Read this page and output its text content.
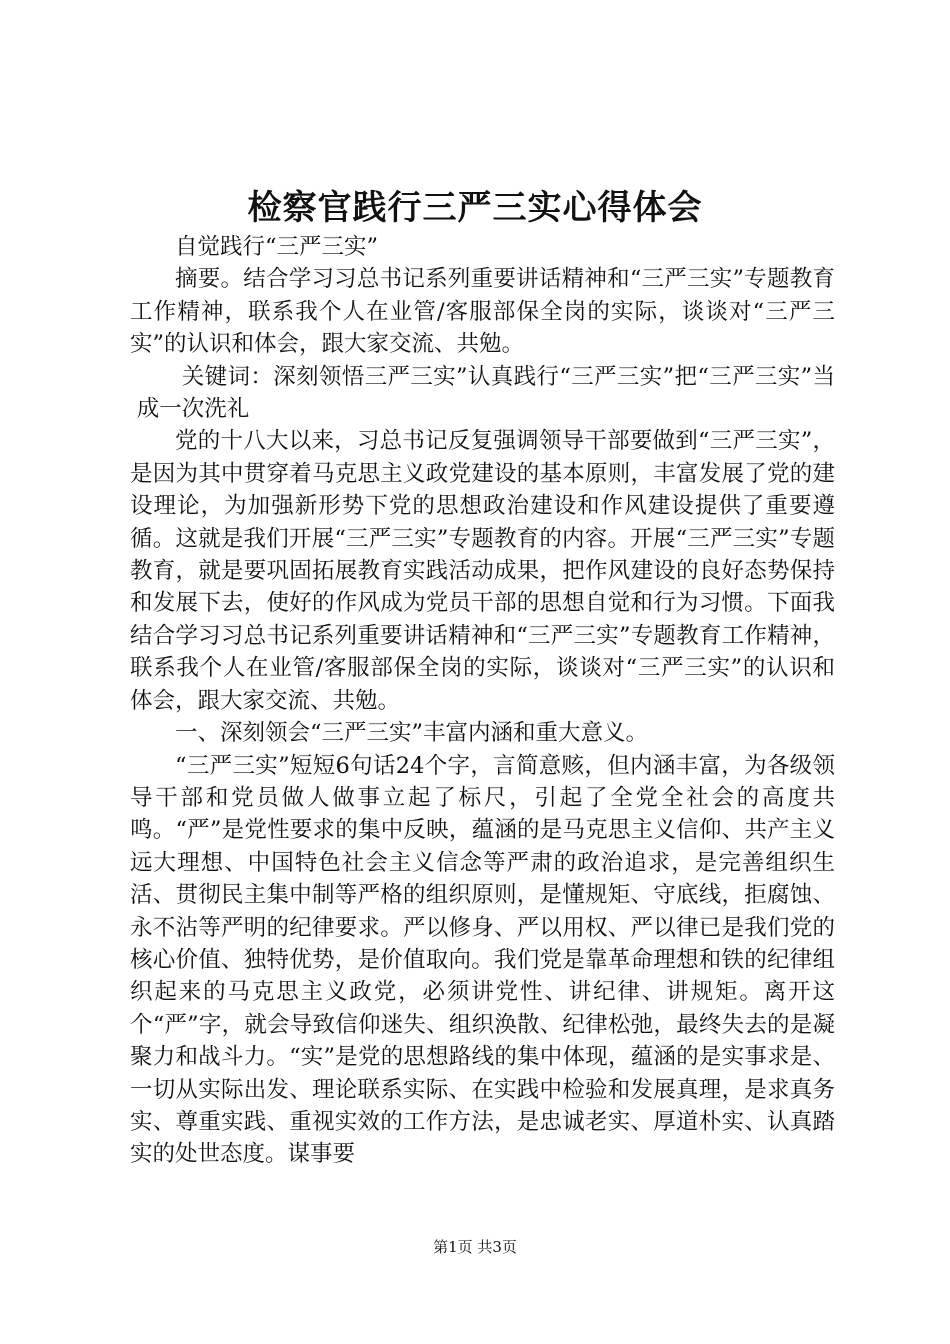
检察官践行三严三实心得体会

自觉践行“三严三实”

摘要。结合学习习总书记系列重要讲话精神和“三严三实”专题教育工作精神，联系我个人在业管/客服部保全岗的实际，谈谈对“三严三实”的认识和体会，跟大家交流、共勉。

关键词：深刻领悟三严三实”认真践行“三严三实”把“三严三实”当成一次洗礼

党的十八大以来，习总书记反复强调领导干部要做到“三严三实”，是因为其中贯穿着马克思主义政党建设的基本原则，丰富发展了党的建设理论，为加强新形势下党的思想政治建设和作风建设提供了重要遵循。这就是我们开展“三严三实”专题教育的内容。开展“三严三实”专题教育，就是要巩固拓展教育实践活动成果，把作风建设的良好态势保持和发展下去，使好的作风成为党员干部的思想自觉和行为习惯。下面我结合学习习总书记系列重要讲话精神和“三严三实”专题教育工作精神，联系我个人在业管/客服部保全岗的实际，谈谈对“三严三实”的认识和体会，跟大家交流、共勉。

一、深刻领会“三严三实”丰富内涵和重大意义。

“三严三实”短短6句话24个字，言简意赅，但内涵丰富，为各级领导干部和党员做人做事立起了标尺，引起了全党全社会的高度共鸣。“严”是党性要求的集中反映，蕴涵的是马克思主义信仰、共产主义远大理想、中国特色社会主义信念等严肃的政治追求，是完善组织生活、贯彻民主集中制等严格的组织原则，是懂规矩、守底线，拒腐蚀、永不沾等严明的纪律要求。严以修身、严以用权、严以律已是我们党的核心价值、独特优势，是价值取向。我们党是靠革命理想和铁的纪律组织起来的马克思主义政党，必须讲党性、讲纪律、讲规矩。离开这个“严”字，就会导致信仰迷失、组织涣散、纪律松弛，最终失去的是凝聚力和战斗力。“实”是党的思想路线的集中体现，蕴涵的是实事求是、一切从实际出发、理论联系实际、在实践中检验和发展真理，是求真务实、尊重实践、重视实效的工作方法，是忠诚老实、厚道朴实、认真踏实的处世态度。谋事要

第1页 共3页
